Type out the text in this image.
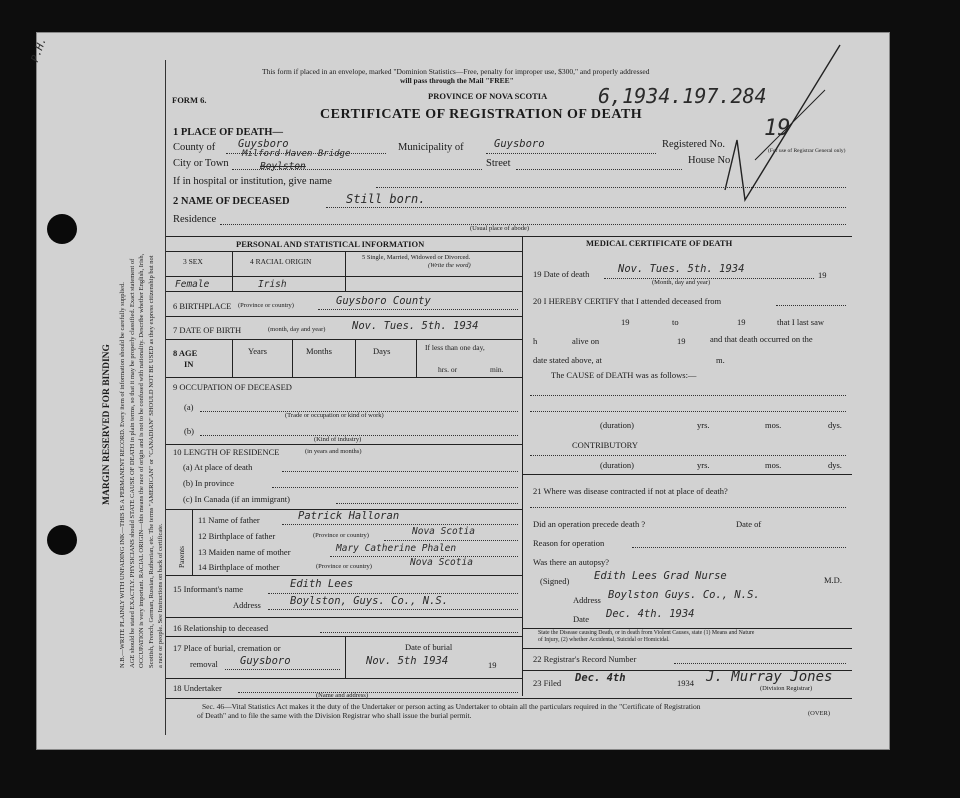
P.H.
MARGIN RESERVED FOR BINDING N.B.—WRITE PLAINLY WITH UNFADING INK—THIS IS A PERMANENT RECORD. Every item of information should be carefully supplied. AGE should be stated EXACTLY. PHYSICIANS should STATE CAUSE OF DEATH in plain terms, so that it may be properly classified. Exact statement of OCCUPATION is very important. RACIAL ORIGIN—this means the race of origin and is not to be confused with nationality. Describe whether English, Irish, Scottish, French, German, Russian, Ruthenian, etc. The terms "AMERICAN" or "CANADIAN" SHOULD NOT BE USED as they express citizenship but not a race or people. See Instructions on back of certificate.
This form if placed in an envelope, marked "Dominion Statistics—Free, penalty for improper use, $300," and properly addressed
will pass through the Mail "FREE"
FORM 6.	PROVINCE OF NOVA SCOTIA	6,1934.197.284
CERTIFICATE OF REGISTRATION OF DEATH
1 PLACE OF DEATH—
County of Guysboro	Municipality of	Guysboro	Registered No.
(For use of Registrar General only)
19
City or Town
Milford Haven Bridge
Boylston	Street	House No.
If in hospital or institution, give name
2 NAME OF DECEASED	Still born.
Residence
(Usual place of abode)
PERSONAL AND STATISTICAL INFORMATION
3 SEX	4 RACIAL ORIGIN	5 Single, Married, Widowed or Divorced.
(Write the word)
Female	Irish
6 BIRTHPLACE (Province or country)	Guysboro County
7 DATE OF BIRTH	(month, day and year)	Nov. Tues. 5th. 1934
8 AGE
IN
Years	Months	Days	If less than one day,
hrs. or	min.
9 OCCUPATION OF DECEASED
(a)
(Trade or occupation or kind of work)
(b)
(Kind of industry)
10 LENGTH OF RESIDENCE	(in years and months)
(a) At place of death
(b) In province
(c) In Canada (if an immigrant)
Parents
11 Name of father	Patrick Halloran
12 Birthplace of father	(Province or country)	Nova Scotia
13 Maiden name of mother	Mary Catherine Phalen
14 Birthplace of mother	(Province or country)	Nova Scotia
15 Informant's name	Edith Lees
Address	Boylston, Guys. Co., N.S.
16 Relationship to deceased
17 Place of burial, cremation or
removal Guysboro
Date of burial
Nov. 5th 1934	19
18 Undertaker
(Name and address)
MEDICAL CERTIFICATE OF DEATH
19 Date of death	Nov. Tues. 5th. 1934
(Month, day and year)
19
20 I HEREBY CERTIFY that I attended deceased from
19	to	19	that I last saw
h	alive on	19	and that death occurred on the
date stated above, at	m.
The CAUSE of DEATH was as follows:—
(duration)	yrs.	mos.	dys.
CONTRIBUTORY
(duration)	yrs.	mos.	dys.
21 Where was disease contracted if not at place of death?
Did an operation precede death ?	Date of
Reason for operation
Was there an autopsy?
(Signed) Edith Lees Grad Nurse	M.D.
Address Boylston Guys. Co., N.S.
Date Dec. 4th. 1934
State the Disease causing Death, or in death from Violent Causes, state (1) Means and Nature
of Injury, (2) whether Accidental, Suicidal or Homicidal.
22 Registrar's Record Number
23 Filed Dec. 4th	1934 J. Murray Jones
(Division Registrar)
Sec. 46—Vital Statistics Act makes it the duty of the Undertaker or person acting as Undertaker to obtain all the particulars required in the "Certificate of Registration
of Death" and to file the same with the Division Registrar who shall issue the burial permit.	(OVER)
